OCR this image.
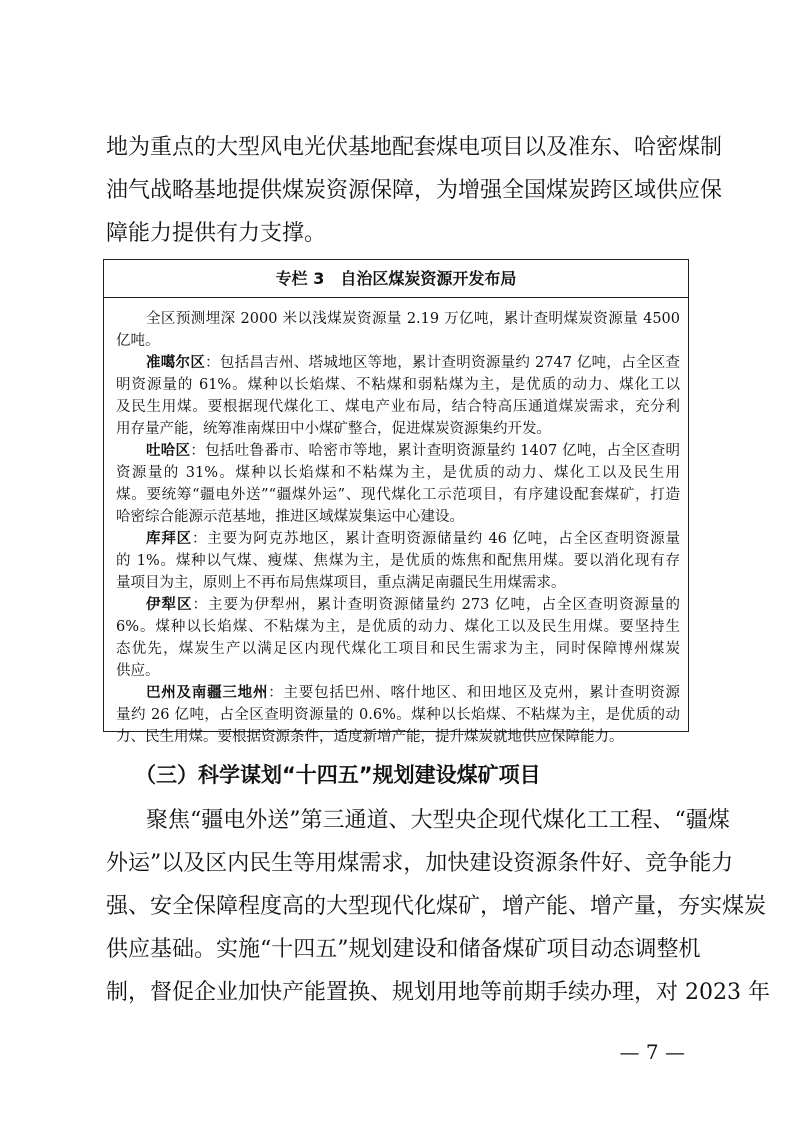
地为重点的大型风电光伏基地配套煤电项目以及准东、哈密煤制
油气战略基地提供煤炭资源保障，为增强全国煤炭跨区域供应保
障能力提供有力支撑。
专栏 3　自治区煤炭资源开发布局
全区预测埋深 2000 米以浅煤炭资源量 2.19 万亿吨，累计查明煤炭资源量 4500
亿吨。
准噶尔区：包括昌吉州、塔城地区等地，累计查明资源量约 2747 亿吨，占全区查
明资源量的 61%。煤种以长焰煤、不粘煤和弱粘煤为主，是优质的动力、煤化工以
及民生用煤。要根据现代煤化工、煤电产业布局，结合特高压通道煤炭需求，充分利
用存量产能，统筹准南煤田中小煤矿整合，促进煤炭资源集约开发。
吐哈区：包括吐鲁番市、哈密市等地，累计查明资源量约 1407 亿吨，占全区查明
资源量的 31%。煤种以长焰煤和不粘煤为主，是优质的动力、煤化工以及民生用
煤。要统筹“疆电外送”“疆煤外运”、现代煤化工示范项目，有序建设配套煤矿，打造
哈密综合能源示范基地，推进区域煤炭集运中心建设。
库拜区：主要为阿克苏地区，累计查明资源储量约 46 亿吨，占全区查明资源量
的 1%。煤种以气煤、瘦煤、焦煤为主，是优质的炼焦和配焦用煤。要以消化现有存
量项目为主，原则上不再布局焦煤项目，重点满足南疆民生用煤需求。
伊犁区：主要为伊犁州，累计查明资源储量约 273 亿吨，占全区查明资源量的
6%。煤种以长焰煤、不粘煤为主，是优质的动力、煤化工以及民生用煤。要坚持生
态优先，煤炭生产以满足区内现代煤化工项目和民生需求为主，同时保障博州煤炭
供应。
巴州及南疆三地州：主要包括巴州、喀什地区、和田地区及克州，累计查明资源
量约 26 亿吨，占全区查明资源量的 0.6%。煤种以长焰煤、不粘煤为主，是优质的动
力、民生用煤。要根据资源条件，适度新增产能，提升煤炭就地供应保障能力。
（三）科学谋划“十四五”规划建设煤矿项目
聚焦“疆电外送”第三通道、大型央企现代煤化工工程、“疆煤
外运”以及区内民生等用煤需求，加快建设资源条件好、竞争能力
强、安全保障程度高的大型现代化煤矿，增产能、增产量，夯实煤炭
供应基础。实施“十四五”规划建设和储备煤矿项目动态调整机
制，督促企业加快产能置换、规划用地等前期手续办理，对 2023 年
— 7 —
